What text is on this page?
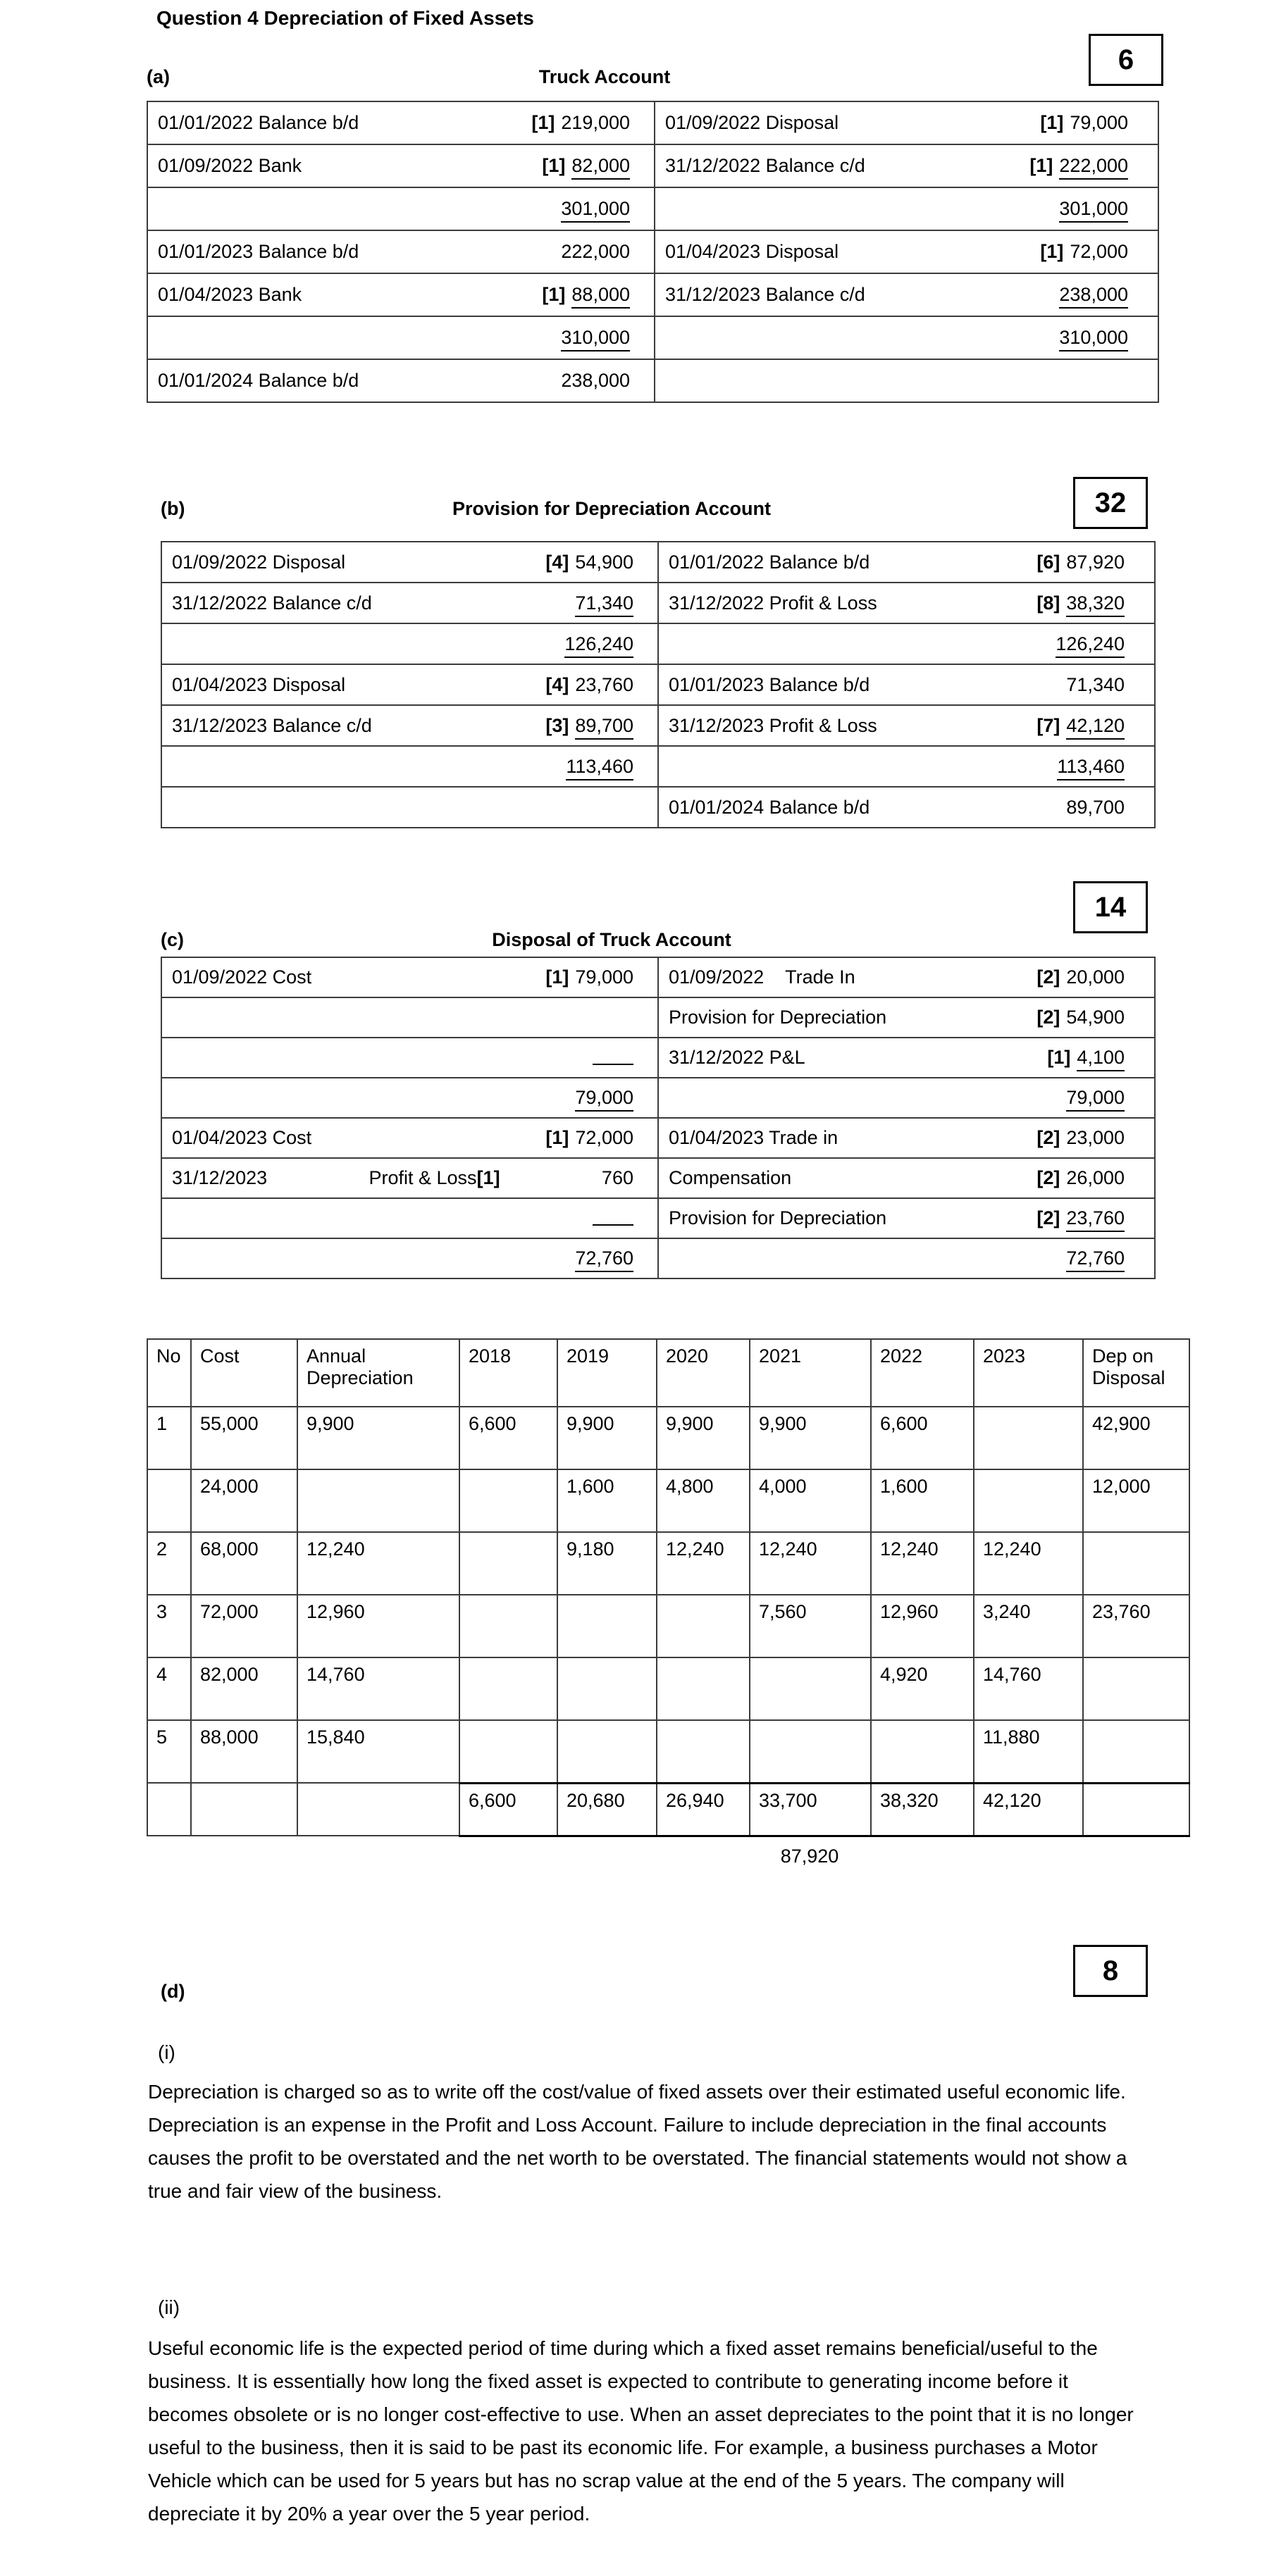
Question 4 Depreciation of Fixed Assets
6
(a)	Truck Account
01/01/2022 Balance b/d	[1] 219,000	01/09/2022 Disposal	[1] 79,000
01/09/2022 Bank	[1] 82,000	31/12/2022 Balance c/d	[1] 222,000
	301,000		301,000
01/01/2023 Balance b/d	222,000	01/04/2023 Disposal	[1] 72,000
01/04/2023 Bank	[1] 88,000	31/12/2023 Balance c/d	238,000
	310,000		310,000
01/01/2024 Balance b/d	238,000		
32
(b)	Provision for Depreciation Account
01/09/2022 Disposal	[4] 54,900	01/01/2022 Balance b/d	[6] 87,920
31/12/2022 Balance c/d	71,340	31/12/2022 Profit & Loss	[8] 38,320
	126,240		126,240
01/04/2023 Disposal	[4] 23,760	01/01/2023 Balance b/d	71,340
31/12/2023 Balance c/d	[3] 89,700	31/12/2023 Profit & Loss	[7] 42,120
	113,460		113,460
		01/01/2024 Balance b/d	89,700
14
(c)	Disposal of Truck Account
01/09/2022 Cost	[1] 79,000	01/09/2022    Trade In	[2] 20,000
		Provision for Depreciation	[2] 54,900
		31/12/2022 P&L	[1] 4,100
	79,000		79,000
01/04/2023 Cost	[1] 72,000	01/04/2023 Trade in	[2] 23,000

31/12/2023 Profit & Loss[1] 760		Compensation	[2] 26,000
		Provision for Depreciation	[2] 23,760
	72,760		72,760
No	Cost	Annual Depreciation	2018	2019	2020	2021	2022	2023	Dep on Disposal
1	55,000	9,900	6,600	9,900	9,900	9,900	6,600		42,900
	24,000			1,600	4,800	4,000	1,600		12,000
2	68,000	12,240		9,180	12,240	12,240	12,240	12,240	
3	72,000	12,960				7,560	12,960	3,240	23,760
4	82,000	14,760					4,920	14,760	
5	88,000	15,840						11,880	
			6,600	20,680	26,940	33,700	38,320	42,120	
87,920
8
(d)
(i)
Depreciation is charged so as to write off the cost/value of fixed assets over their estimated useful economic life. Depreciation is an expense in the Profit and Loss Account. Failure to include depreciation in the final accounts causes the profit to be overstated and the net worth to be overstated. The financial statements would not show a true and fair view of the business.
(ii)
Useful economic life is the expected period of time during which a fixed asset remains beneficial/useful to the business. It is essentially how long the fixed asset is expected to contribute to generating income before it becomes obsolete or is no longer cost-effective to use. When an asset depreciates to the point that it is no longer useful to the business, then it is said to be past its economic life. For example, a business purchases a Motor Vehicle which can be used for 5 years but has no scrap value at the end of the 5 years. The company will depreciate it by 20% a year over the 5 year period.
